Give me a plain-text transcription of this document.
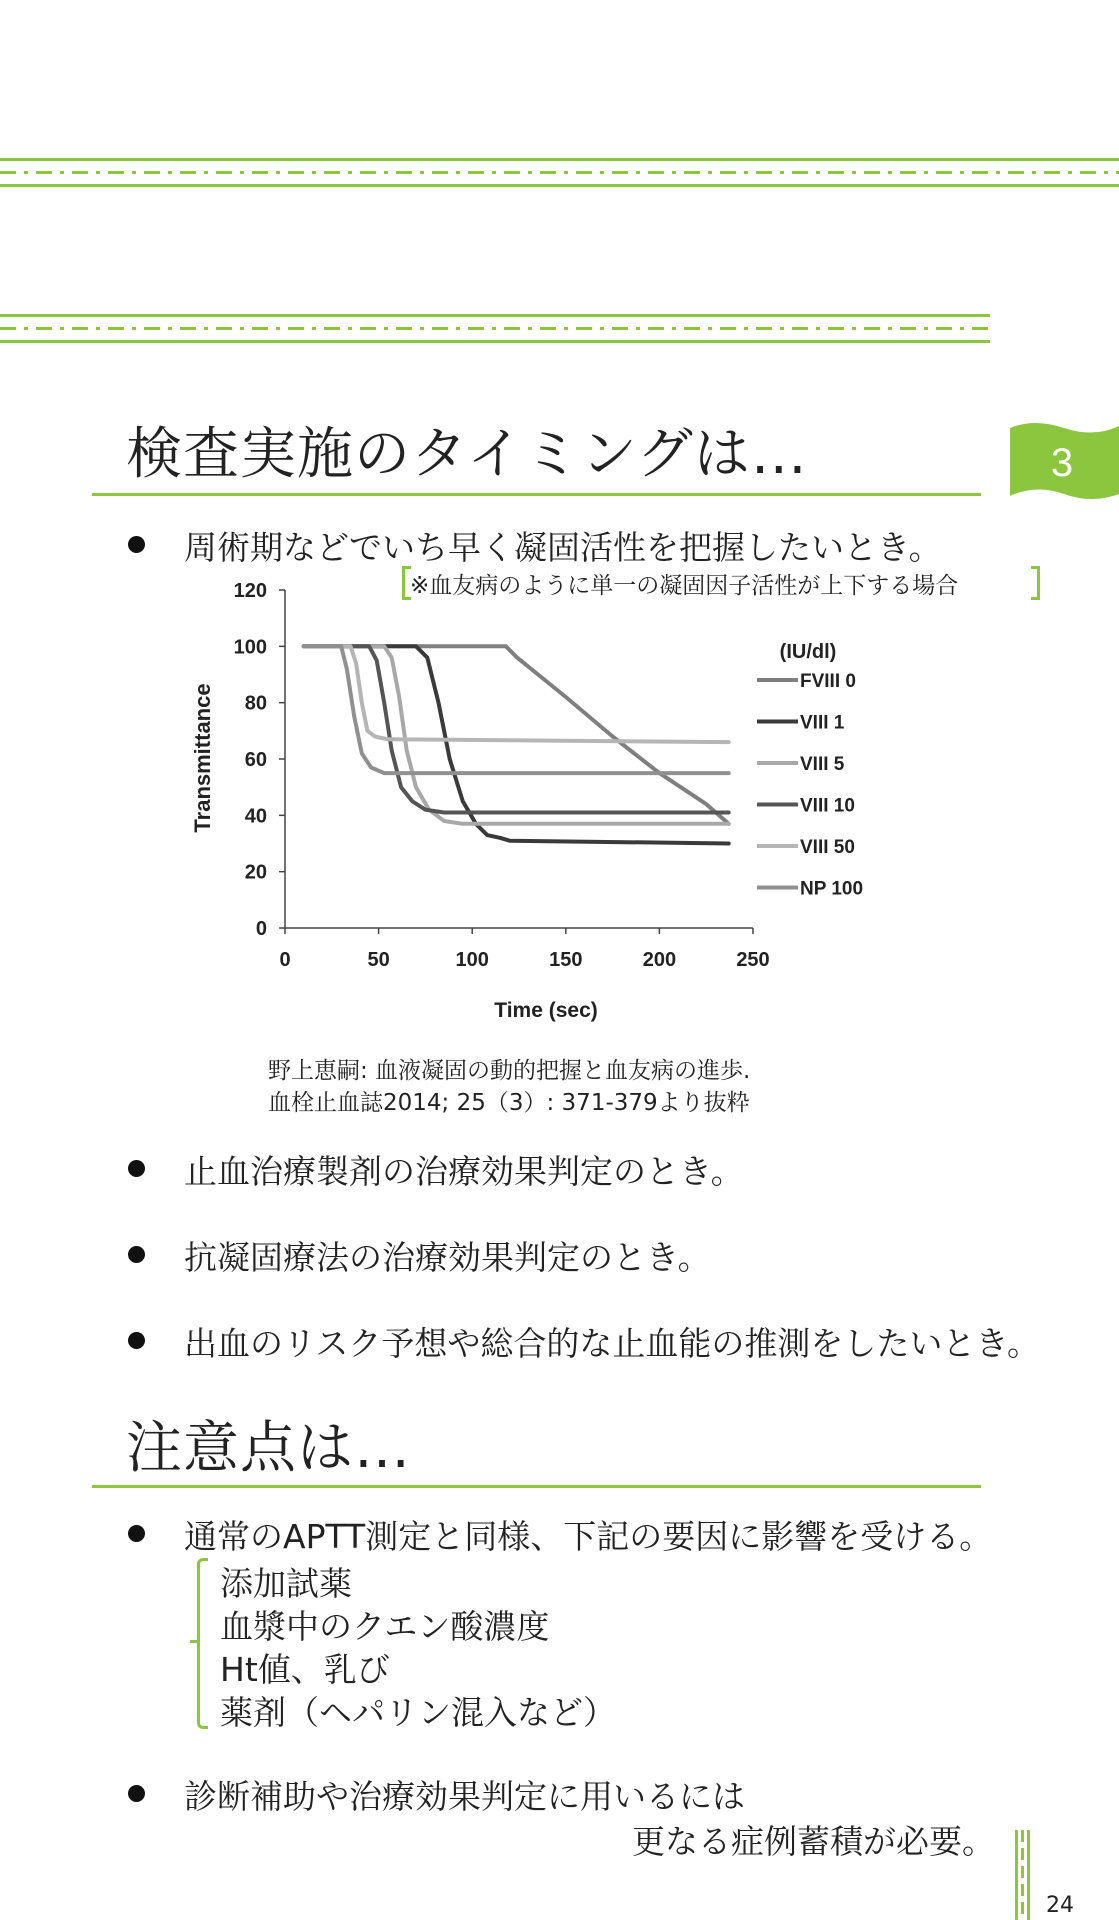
3
検査実施のタイミングは…
周術期などでいち早く凝固活性を把握したいとき。
※血友病のように単一の凝固因子活性が上下する場合
0
20
40
60
80
100
120
0	50	100	150	200	250
FVIII 0
VIII 1
VIII 5
VIII 10
VIII 50
NP 100
Time (sec)
Transmittance
(IU/dl)
野上恵嗣: 血液凝固の動的把握と血友病の進歩.
血栓止血誌2014; 25（3）: 371-379より抜粋
止血治療製剤の治療効果判定のとき。
抗凝固療法の治療効果判定のとき。
出血のリスク予想や総合的な止血能の推測をしたいとき。
注意点は…
通常のAPTT測定と同様、下記の要因に影響を受ける。
添加試薬
血漿中のクエン酸濃度
Ht値、乳び
薬剤（ヘパリン混入など）
診断補助や治療効果判定に用いるには
更なる症例蓄積が必要。
24
